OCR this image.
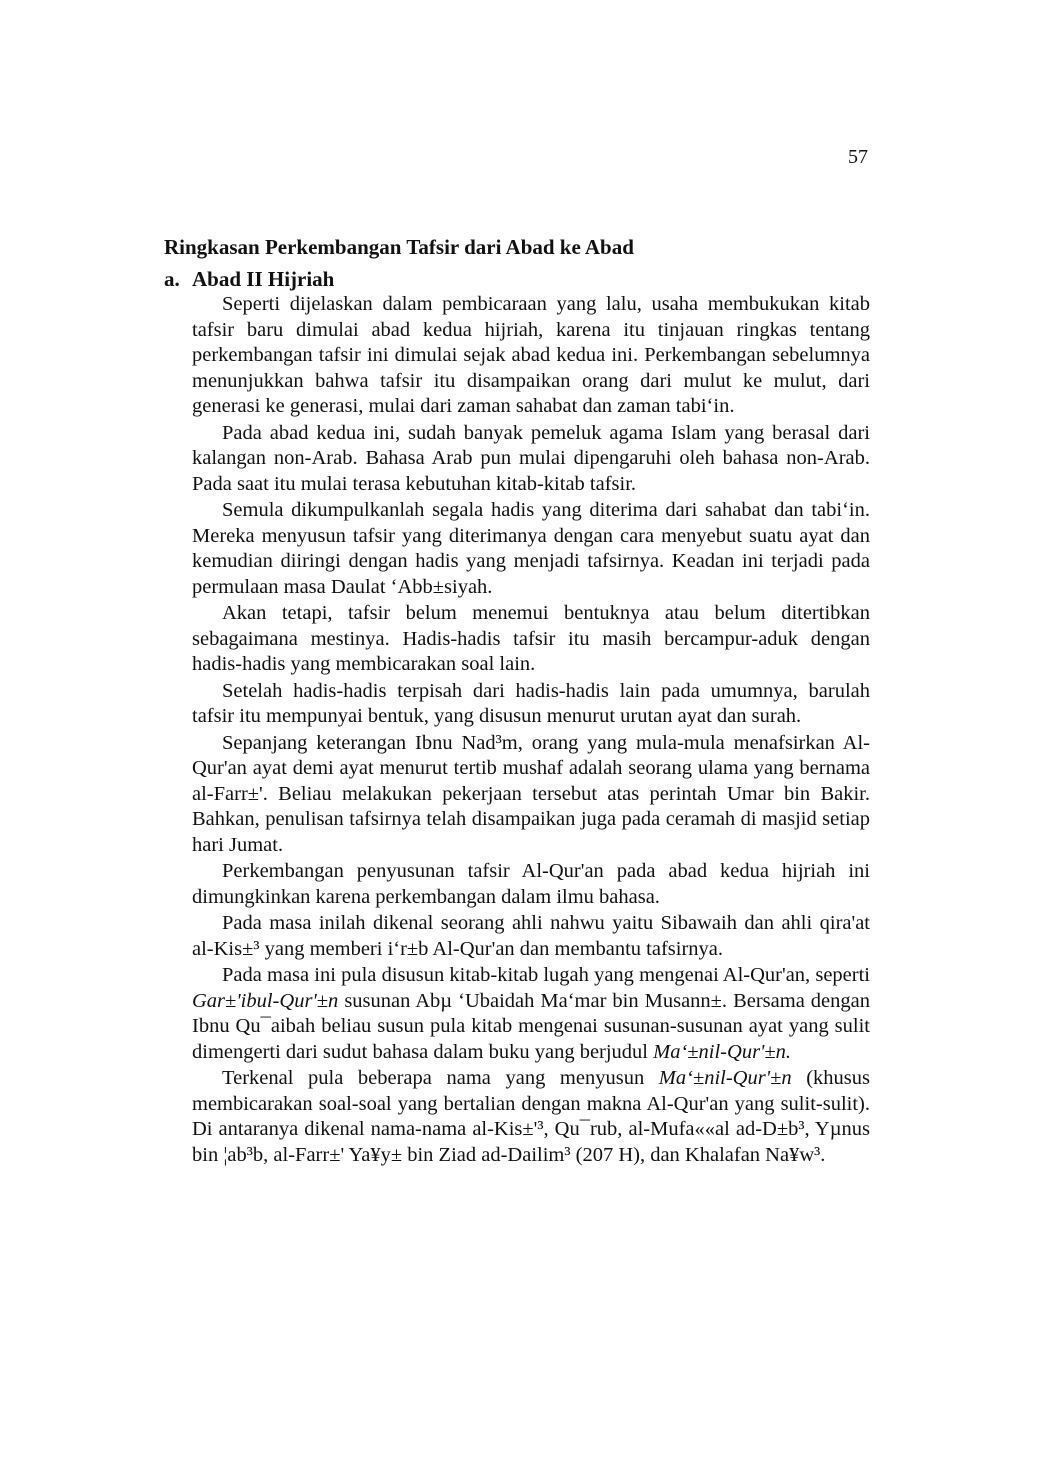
57
Ringkasan Perkembangan Tafsir dari Abad ke Abad
a. Abad II Hijriah

Seperti dijelaskan dalam pembicaraan yang lalu, usaha membukukan kitab tafsir baru dimulai abad kedua hijriah, karena itu tinjauan ringkas tentang perkembangan tafsir ini dimulai sejak abad kedua ini. Perkembangan sebelumnya menunjukkan bahwa tafsir itu disampaikan orang dari mulut ke mulut, dari generasi ke generasi, mulai dari zaman sahabat dan zaman tabi‘in.

Pada abad kedua ini, sudah banyak pemeluk agama Islam yang berasal dari kalangan non-Arab. Bahasa Arab pun mulai dipengaruhi oleh bahasa non-Arab. Pada saat itu mulai terasa kebutuhan kitab-kitab tafsir.

Semula dikumpulkanlah segala hadis yang diterima dari sahabat dan tabi‘in. Mereka menyusun tafsir yang diterimanya dengan cara menyebut suatu ayat dan kemudian diiringi dengan hadis yang menjadi tafsirnya. Keadan ini terjadi pada permulaan masa Daulat ‘Abb±siyah.

Akan tetapi, tafsir belum menemui bentuknya atau belum ditertibkan sebagaimana mestinya. Hadis-hadis tafsir itu masih bercampur-aduk dengan hadis-hadis yang membicarakan soal lain.

Setelah hadis-hadis terpisah dari hadis-hadis lain pada umumnya, barulah tafsir itu mempunyai bentuk, yang disusun menurut urutan ayat dan surah.

Sepanjang keterangan Ibnu Nad³m, orang yang mula-mula menafsirkan Al-Qur'an ayat demi ayat menurut tertib mushaf adalah seorang ulama yang bernama al-Farr±'. Beliau melakukan pekerjaan tersebut atas perintah Umar bin Bakir. Bahkan, penulisan tafsirnya telah disampaikan juga pada ceramah di masjid setiap hari Jumat.

Perkembangan penyusunan tafsir Al-Qur'an pada abad kedua hijriah ini dimungkinkan karena perkembangan dalam ilmu bahasa.

Pada masa inilah dikenal seorang ahli nahwu yaitu Sibawaih dan ahli qira'at al-Kis±³ yang memberi i‘r±b Al-Qur'an dan membantu tafsirnya.

Pada masa ini pula disusun kitab-kitab lugah yang mengenai Al-Qur'an, seperti Gar±'ibul-Qur'±n susunan Abµ ‘Ubaidah Ma‘mar bin Musann±. Bersama dengan Ibnu Qu¯aibah beliau susun pula kitab mengenai susunan-susunan ayat yang sulit dimengerti dari sudut bahasa dalam buku yang berjudul Ma‘±nil-Qur'±n.

Terkenal pula beberapa nama yang menyusun Ma‘±nil-Qur'±n (khusus membicarakan soal-soal yang bertalian dengan makna Al-Qur'an yang sulit-sulit). Di antaranya dikenal nama-nama al-Kis±'³, Qu¯rub, al-Mufa««al ad-D±b³, Yµnus bin ¦ab³b, al-Farr±' Ya¥y± bin Ziad ad-Dailim³ (207 H), dan Khalafan Na¥w³.
